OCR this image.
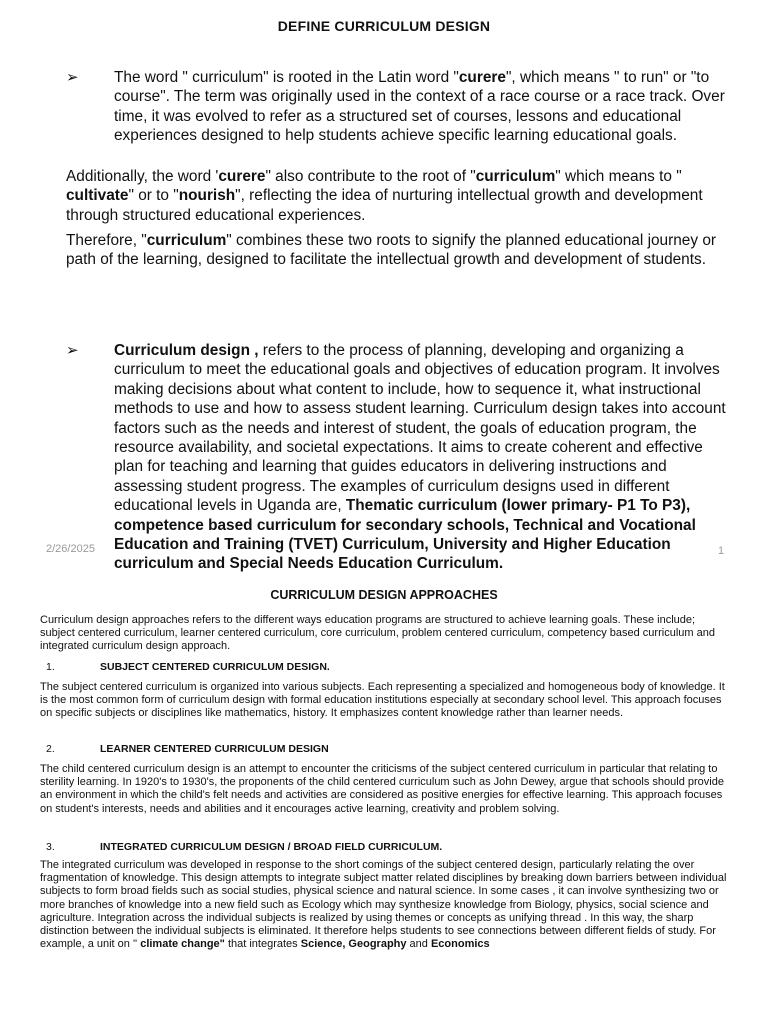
DEFINE CURRICULUM DESIGN
➢ The word " curriculum" is rooted in the Latin word "curere", which means " to run" or "to course". The term was originally used in the context of a race course or a race track. Over time, it was evolved to refer as a structured set of courses, lessons and educational experiences designed to help students achieve specific learning educational goals.
Additionally, the word 'curere" also contribute to the root of "curriculum" which means to " cultivate" or to "nourish", reflecting the idea of nurturing intellectual growth and development through structured educational experiences.
Therefore, "curriculum" combines these two roots to signify the planned educational journey or path of the learning, designed to facilitate the intellectual growth and development of students.
➢ Curriculum design , refers to the process of planning, developing and organizing a curriculum to meet the educational goals and objectives of education program. It involves making decisions about what content to include, how to sequence it, what instructional methods to use and how to assess student learning. Curriculum design takes into account factors such as the needs and interest of student, the goals of education program, the resource availability, and societal expectations. It aims to create coherent and effective plan for teaching and learning that guides educators in delivering instructions and assessing student progress. The examples of curriculum designs used in different educational levels in Uganda are, Thematic curriculum (lower primary- P1 To P3), competence based curriculum for secondary schools, Technical and Vocational Education and Training (TVET) Curriculum, University and Higher Education curriculum and Special Needs Education Curriculum.
2/26/2025	1
CURRICULUM DESIGN APPROACHES
Curriculum design approaches refers to the different ways education programs are structured to achieve learning goals. These include; subject centered curriculum, learner centered curriculum, core curriculum, problem centered curriculum, competency based curriculum and integrated curriculum design approach.
1.	SUBJECT CENTERED CURRICULUM DESIGN.
The subject centered curriculum is organized into various subjects. Each representing a specialized and homogeneous body of knowledge. It is the most common form of curriculum design with formal education institutions especially at secondary school level. This approach focuses on specific subjects or disciplines like mathematics, history. It emphasizes content knowledge rather than learner needs.
2.	LEARNER CENTERED CURRICULUM DESIGN
The child centered curriculum design is an attempt to encounter the criticisms of the subject centered curriculum in particular that relating to sterility learning. In 1920's to 1930's, the proponents of the child centered curriculum such as John Dewey, argue that schools should provide an environment in which the child's felt needs and activities are considered as positive energies for effective learning. This approach focuses on student's interests, needs and abilities and it encourages active learning, creativity and problem solving.
3.	INTEGRATED CURRICULUM DESIGN / BROAD FIELD CURRICULUM.
The integrated curriculum was developed in response to the short comings of the subject centered design, particularly relating the over fragmentation of knowledge. This design attempts to integrate subject matter related disciplines by breaking down barriers between individual subjects to form broad fields such as social studies, physical science and natural science. In some cases , it can involve synthesizing two or more branches of knowledge into a new field such as Ecology which may synthesize knowledge from Biology, physics, social science and agriculture. Integration across the individual subjects is realized by using themes or concepts as unifying thread . In this way, the sharp distinction between the individual subjects is eliminated. It therefore helps students to see connections between different fields of study. For example, a unit on '' climate change" that integrates Science, Geography and Economics
